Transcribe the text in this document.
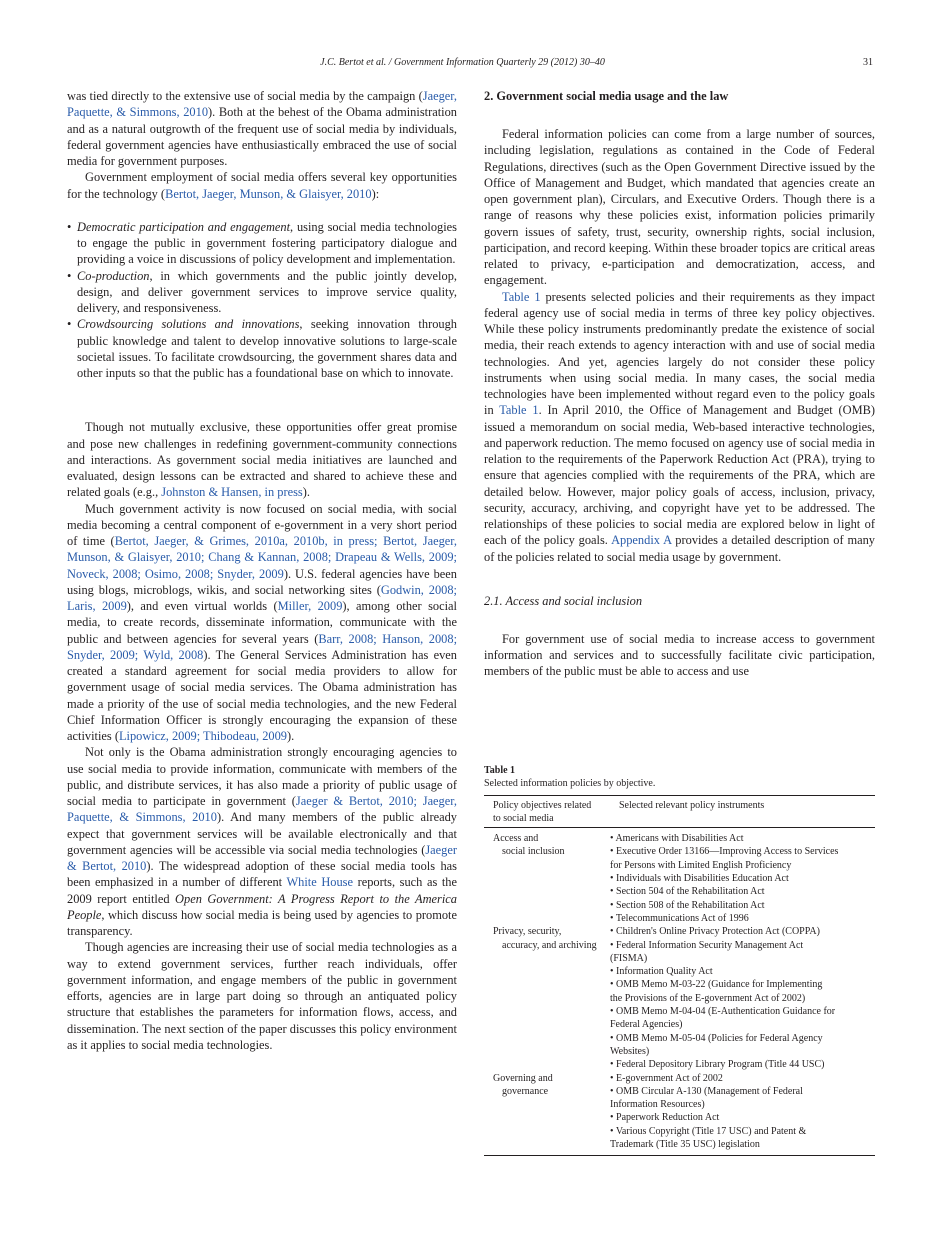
J.C. Bertot et al. / Government Information Quarterly 29 (2012) 30–40	31

was tied directly to the extensive use of social media by the campaign (Jaeger, Paquette, & Simmons, 2010). Both at the behest of the Obama administration and as a natural outgrowth of the frequent use of social media by individuals, federal government agencies have enthusiastically embraced the use of social media for government purposes.

Government employment of social media offers several key opportunities for the technology (Bertot, Jaeger, Munson, & Glaisyer, 2010):

• Democratic participation and engagement, using social media technologies to engage the public in government fostering participatory dialogue and providing a voice in discussions of policy development and implementation.
• Co-production, in which governments and the public jointly develop, design, and deliver government services to improve service quality, delivery, and responsiveness.
• Crowdsourcing solutions and innovations, seeking innovation through public knowledge and talent to develop innovative solutions to large-scale societal issues. To facilitate crowdsourcing, the government shares data and other inputs so that the public has a foundational base on which to innovate.

Though not mutually exclusive, these opportunities offer great promise and pose new challenges in redefining government-community connections and interactions. As government social media initiatives are launched and evaluated, design lessons can be extracted and shared to achieve these and related goals (e.g., Johnston & Hansen, in press).

Much government activity is now focused on social media, with social media becoming a central component of e-government in a very short period of time (Bertot, Jaeger, & Grimes, 2010a, 2010b, in press; Bertot, Jaeger, Munson, & Glaisyer, 2010; Chang & Kannan, 2008; Drapeau & Wells, 2009; Noveck, 2008; Osimo, 2008; Snyder, 2009). U.S. federal agencies have been using blogs, microblogs, wikis, and social networking sites (Godwin, 2008; Laris, 2009), and even virtual worlds (Miller, 2009), among other social media, to create records, disseminate information, communicate with the public and between agencies for several years (Barr, 2008; Hanson, 2008; Snyder, 2009; Wyld, 2008). The General Services Administration has even created a standard agreement for social media providers to allow for government usage of social media services. The Obama administration has made a priority of the use of social media technologies, and the new Federal Chief Information Officer is strongly encouraging the expansion of these activities (Lipowicz, 2009; Thibodeau, 2009).

Not only is the Obama administration strongly encouraging agencies to use social media to provide information, communicate with members of the public, and distribute services, it has also made a priority of public usage of social media to participate in government (Jaeger & Bertot, 2010; Jaeger, Paquette, & Simmons, 2010). And many members of the public already expect that government services will be available electronically and that government agencies will be accessible via social media technologies (Jaeger & Bertot, 2010). The widespread adoption of these social media tools has been emphasized in a number of different White House reports, such as the 2009 report entitled Open Government: A Progress Report to the America People, which discuss how social media is being used by agencies to promote transparency.

Though agencies are increasing their use of social media technologies as a way to extend government services, further reach individuals, offer government information, and engage members of the public in government efforts, agencies are in large part doing so through an antiquated policy structure that establishes the parameters for information flows, access, and dissemination. The next section of the paper discusses this policy environment as it applies to social media technologies.

2. Government social media usage and the law

Federal information policies can come from a large number of sources, including legislation, regulations as contained in the Code of Federal Regulations, directives (such as the Open Government Directive issued by the Office of Management and Budget, which mandated that agencies create an open government plan), Circulars, and Executive Orders. Though there is a range of reasons why these policies exist, information policies primarily govern issues of safety, trust, security, ownership rights, social inclusion, participation, and record keeping. Within these broader topics are critical areas related to privacy, e-participation and democratization, access, and engagement.

Table 1 presents selected policies and their requirements as they impact federal agency use of social media in terms of three key policy objectives. While these policy instruments predominantly predate the existence of social media, their reach extends to agency interaction with and use of social media technologies. And yet, agencies largely do not consider these policy instruments when using social media. In many cases, the social media technologies have been implemented without regard even to the policy goals in Table 1. In April 2010, the Office of Management and Budget (OMB) issued a memorandum on social media, Web-based interactive technologies, and paperwork reduction. The memo focused on agency use of social media in relation to the requirements of the Paperwork Reduction Act (PRA), trying to ensure that agencies complied with the requirements of the PRA, which are detailed below. However, major policy goals of access, inclusion, privacy, security, accuracy, archiving, and copyright have yet to be addressed. The relationships of these policies to social media are explored below in light of each of the policy goals. Appendix A provides a detailed description of many of the policies related to social media usage by government.

2.1. Access and social inclusion

For government use of social media to increase access to government information and services and to successfully facilitate civic participation, members of the public must be able to access and use

Table 1
Selected information policies by objective.
Policy objectives related
to social media
Selected relevant policy instruments
Access and
social inclusion
• Americans with Disabilities Act
• Executive Order 13166—Improving Access to Services
for Persons with Limited English Proficiency
• Individuals with Disabilities Education Act
• Section 504 of the Rehabilitation Act
• Section 508 of the Rehabilitation Act
• Telecommunications Act of 1996
Privacy, security,
accuracy, and archiving
• Children's Online Privacy Protection Act (COPPA)
• Federal Information Security Management Act
(FISMA)
• Information Quality Act
• OMB Memo M-03-22 (Guidance for Implementing
the Provisions of the E-government Act of 2002)
• OMB Memo M-04-04 (E-Authentication Guidance for
Federal Agencies)
• OMB Memo M-05-04 (Policies for Federal Agency
Websites)
• Federal Depository Library Program (Title 44 USC)
Governing and
governance
• E-government Act of 2002
• OMB Circular A-130 (Management of Federal
Information Resources)
• Paperwork Reduction Act
• Various Copyright (Title 17 USC) and Patent &
Trademark (Title 35 USC) legislation
